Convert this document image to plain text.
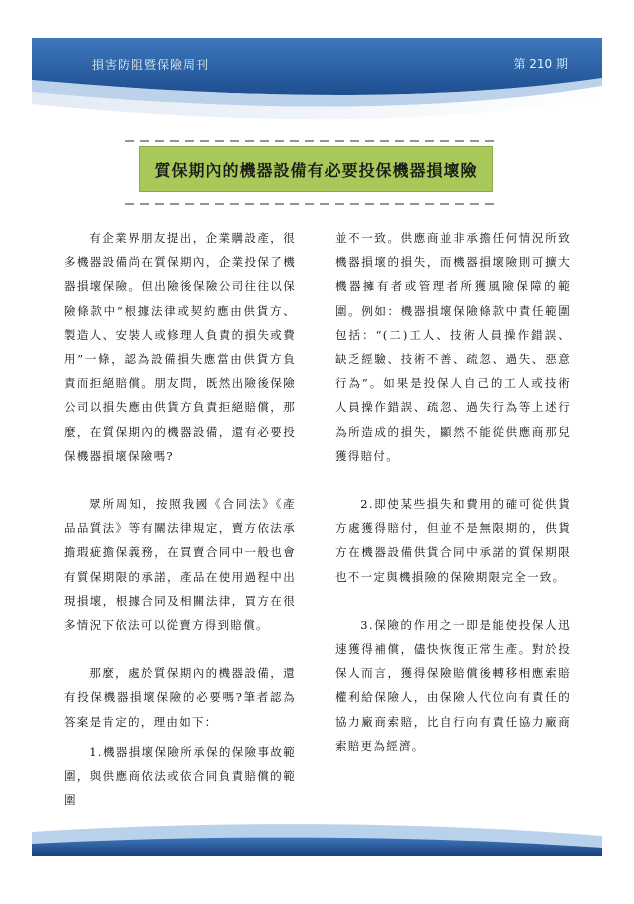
損害防阻暨保險周刊	第 210 期
質保期內的機器設備有必要投保機器損壞險

有企業界朋友提出，企業購設產，很多機器設備尚在質保期內，企業投保了機器損壞保險。但出險後保險公司往往以保險條款中“根據法律或契約應由供貨方、製造人、安裝人或修理人負責的損失或費用”一條，認為設備損失應當由供貨方負責而拒絕賠償。朋友問，既然出險後保險公司以損失應由供貨方負責拒絕賠償，那麼，在質保期內的機器設備，還有必要投保機器損壞保險嗎?

眾所周知，按照我國《合同法》《產品品質法》等有關法律規定，賣方依法承擔瑕疵擔保義務，在買賣合同中一般也會有質保期限的承諾，產品在使用過程中出現損壞，根據合同及相關法律，買方在很多情況下依法可以從賣方得到賠償。

那麼，處於質保期內的機器設備，還有投保機器損壞保險的必要嗎?筆者認為答案是肯定的，理由如下：

1.機器損壞保險所承保的保險事故範圍，與供應商依法或依合同負責賠償的範圍

並不一致。供應商並非承擔任何情況所致機器損壞的損失，而機器損壞險則可擴大機器擁有者或管理者所獲風險保障的範圍。例如：機器損壞保險條款中責任範圍包括：“(二)工人、技術人員操作錯誤、缺乏經驗、技術不善、疏忽、過失、惡意行為”。如果是投保人自己的工人或技術人員操作錯誤、疏忽、過失行為等上述行為所造成的損失，顯然不能從供應商那兒獲得賠付。

2.即使某些損失和費用的確可從供貨方處獲得賠付，但並不是無限期的，供貨方在機器設備供貨合同中承諾的質保期限也不一定與機損險的保險期限完全一致。

3.保險的作用之一即是能使投保人迅速獲得補償，儘快恢復正常生產。對於投保人而言，獲得保險賠償後轉移相應索賠權利給保險人，由保險人代位向有責任的協力廠商索賠，比自行向有責任協力廠商索賠更為經濟。
